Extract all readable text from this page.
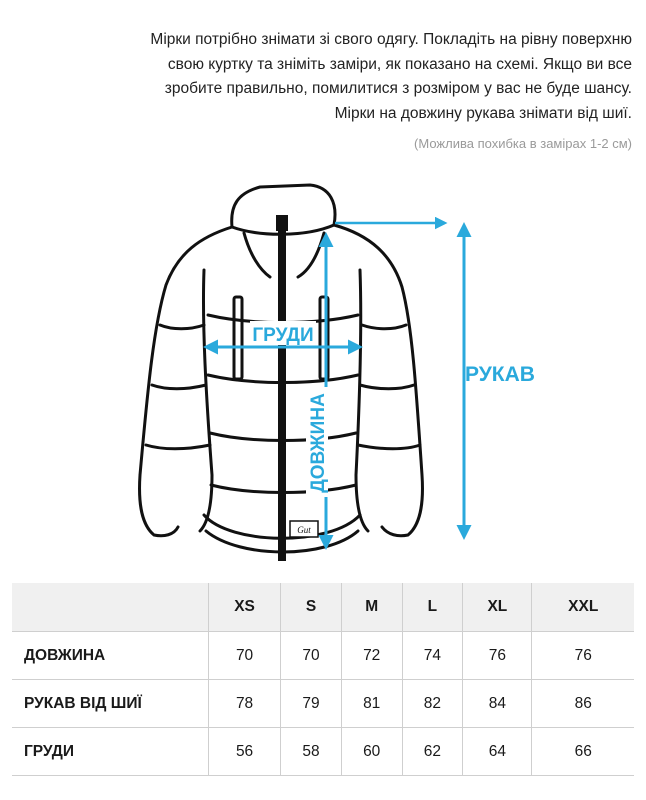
Мірки потрібно знімати зі свого одягу. Покладіть на рівну поверхню
свою куртку та зніміть заміри, як показано на схемі. Якщо ви все
зробите правильно, помилитися з розміром у вас не буде шансу.
Мірки на довжину рукава знімати від шиї.
(Можлива похибка в замірах 1-2 см)
Gut
ГРУДИ
ДОВЖИНА
РУКАВ
	XS	S	M	L	XL	XXL
ДОВЖИНА	70	70	72	74	76	76
РУКАВ ВІД ШИЇ	78	79	81	82	84	86
ГРУДИ	56	58	60	62	64	66
